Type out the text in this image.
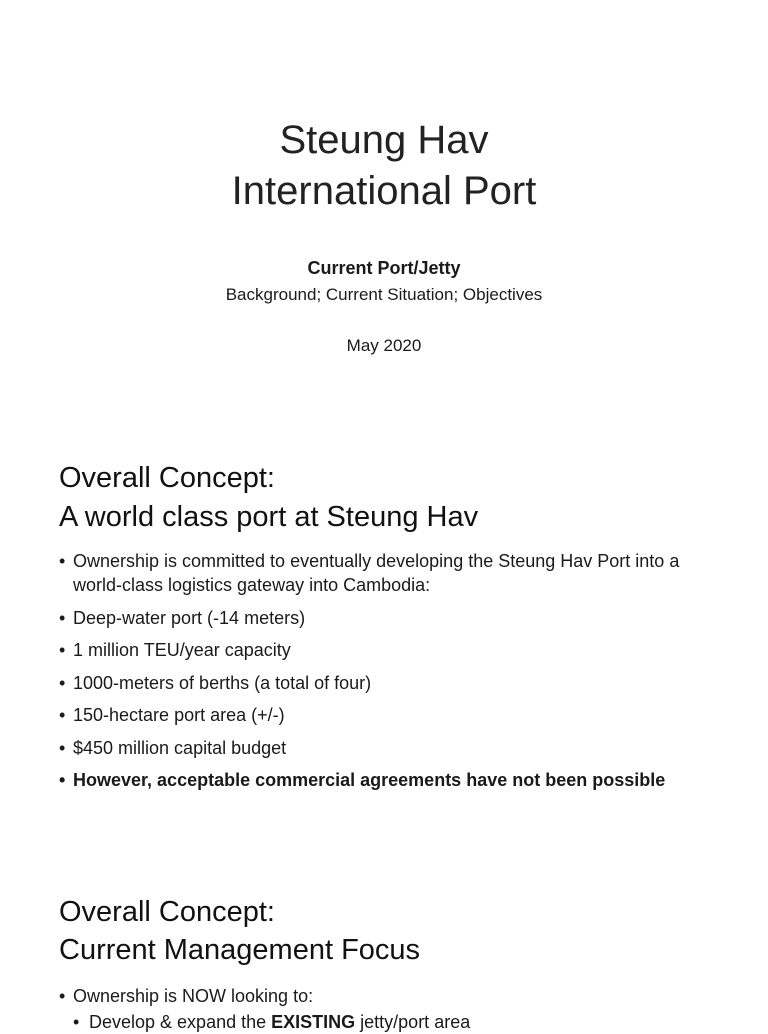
Steung Hav
International Port
Current Port/Jetty
Background; Current Situation; Objectives
May 2020
Overall Concept:
A world class port at Steung Hav
• Ownership is committed to eventually developing the Steung Hav Port into a world-class logistics gateway into Cambodia:
• Deep-water port (-14 meters)
• 1 million TEU/year capacity
• 1000-meters of berths (a total of four)
• 150-hectare port area (+/-)
• $450 million capital budget
• However, acceptable commercial agreements have not been possible
Overall Concept:
Current Management Focus
• Ownership is NOW looking to:
• Develop & expand the EXISTING jetty/port area
